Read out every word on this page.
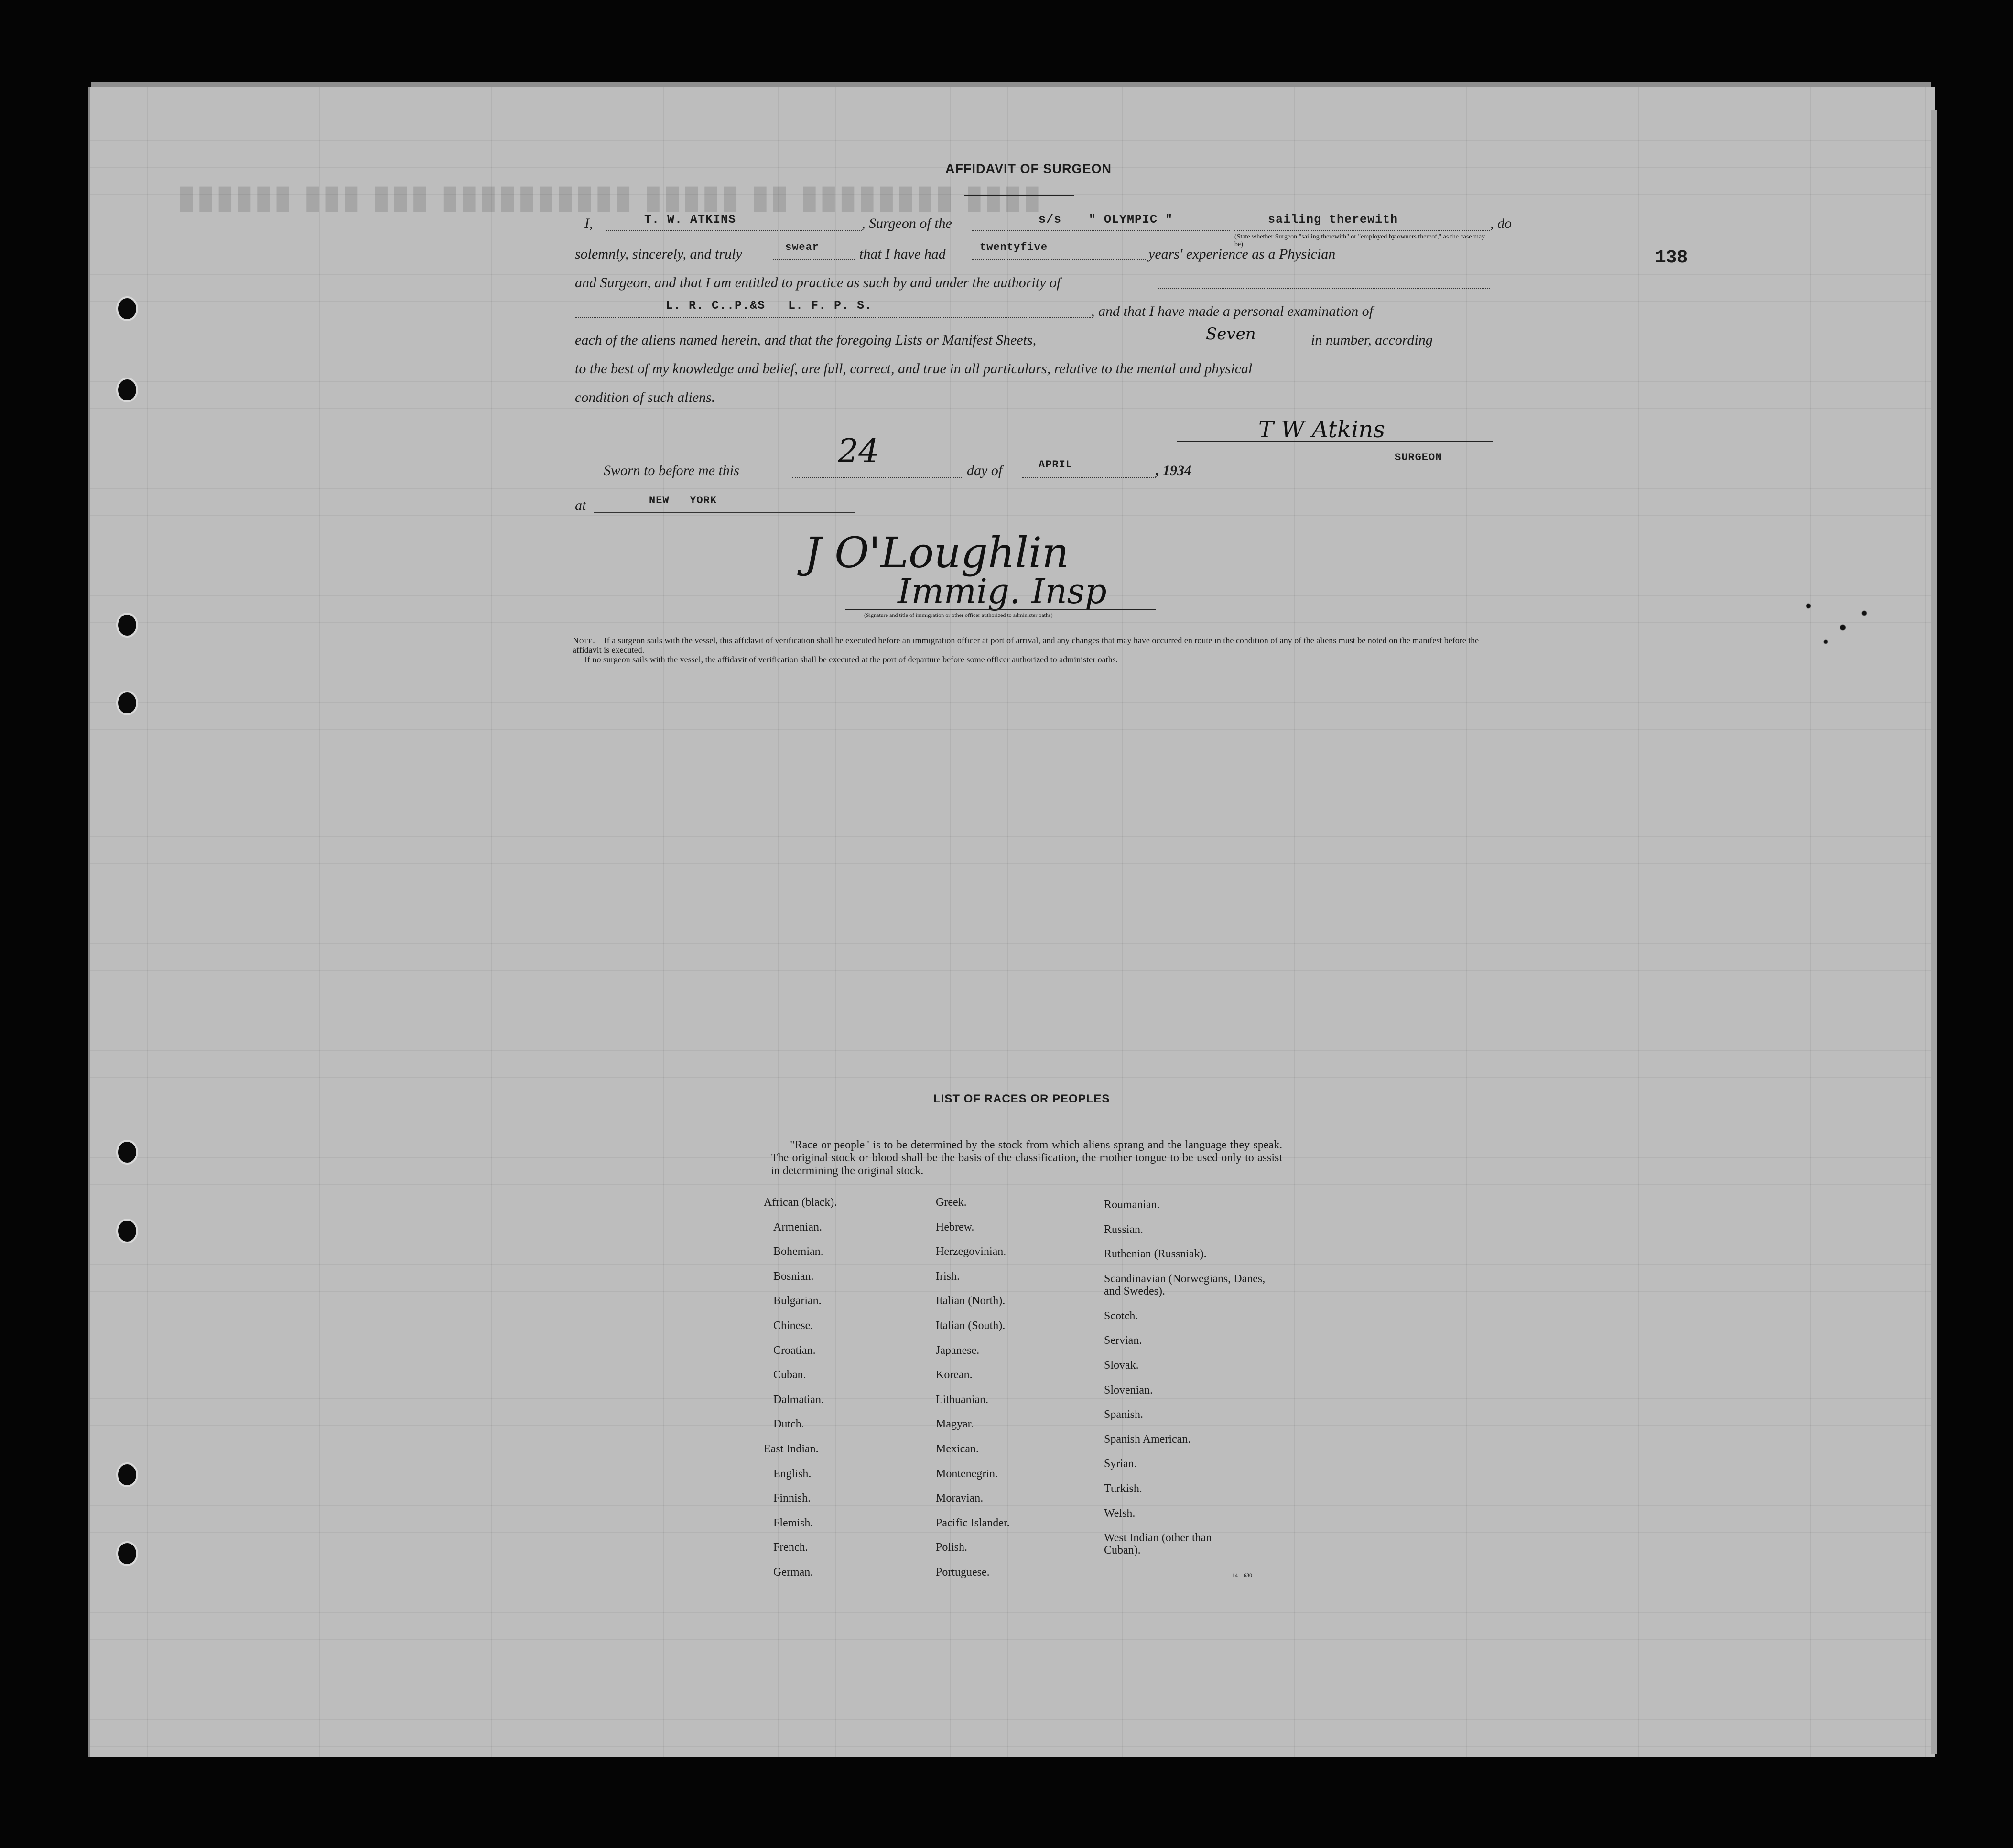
▮▮▮▮ ▮▮▮▮▮▮▮▮ ▮▮ ▮▮▮▮▮ ▮▮▮▮▮▮▮▮▮▮ ▮▮▮ ▮▮▮ ▮▮▮▮▮▮
AFFIDAVIT OF SURGEON
138
I,	T. W. ATKINS	, Surgeon of the	s/s " OLYMPIC "	sailing therewith	, do
(State whether Surgeon "sailing therewith" or "employed by owners thereof," as the case may be)
solemnly, sincerely, and truly	swear	that I have had	twentyfive	years' experience as a Physician
and Surgeon, and that I am entitled to practice as such by and under the authority of
L. R. C..P.&S   L. F. P. S.	, and that I have made a personal examination of
each of the aliens named herein, and that the foregoing Lists or Manifest Sheets,	Seven	in number, according
to the best of my knowledge and belief, are full, correct, and true in all particulars, relative to the mental and physical
condition of such aliens.
T W Atkins
SURGEON
Sworn to before me this
24
day of	APRIL	, 1934
at	NEW   YORK
J O'Loughlin
Immig. Insp
(Signature and title of immigration or other officer authorized to administer oaths)
Note.—If a surgeon sails with the vessel, this affidavit of verification shall be executed before an immigration officer at port of arrival, and any changes that may have occurred en route in the condition of any of the aliens must be noted on the manifest before the affidavit is executed.
If no surgeon sails with the vessel, the affidavit of verification shall be executed at the port of departure before some officer authorized to administer oaths.
LIST OF RACES OR PEOPLES
"Race or people" is to be determined by the stock from which aliens sprang and the language they speak. The original stock or blood shall be the basis of the classification, the mother tongue to be used only to assist in determining the original stock.
African (black).
Armenian.
Bohemian.
Bosnian.
Bulgarian.
Chinese.
Croatian.
Cuban.
Dalmatian.
Dutch.
East Indian.
English.
Finnish.
Flemish.
French.
German.
Greek.
Hebrew.
Herzegovinian.
Irish.
Italian (North).
Italian (South).
Japanese.
Korean.
Lithuanian.
Magyar.
Mexican.
Montenegrin.
Moravian.
Pacific Islander.
Polish.
Portuguese.
Roumanian.
Russian.
Ruthenian (Russniak).
Scandinavian (Norwegians, Danes, and Swedes).
Scotch.
Servian.
Slovak.
Slovenian.
Spanish.
Spanish American.
Syrian.
Turkish.
Welsh.
West Indian (other than Cuban).
14—630
